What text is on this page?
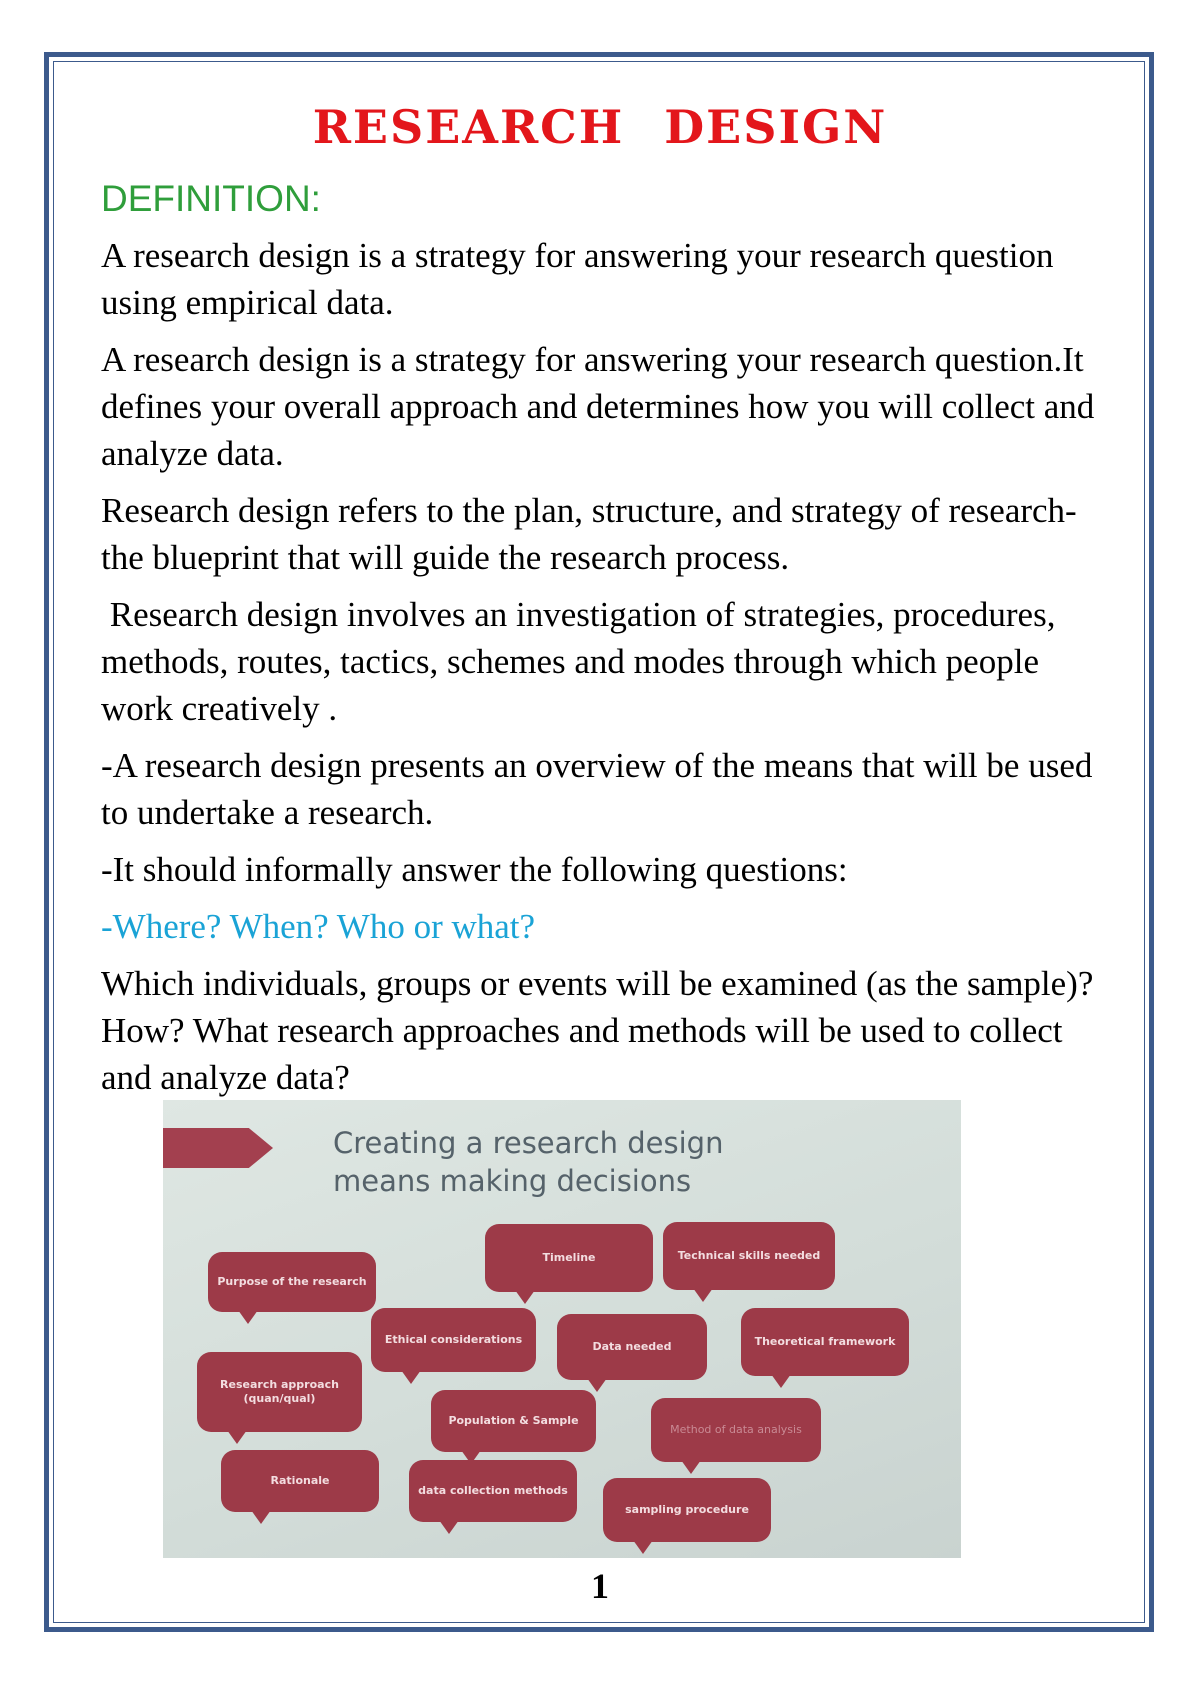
RESEARCH DESIGN
DEFINITION:

A research design is a strategy for answering your research question using empirical data.

A research design is a strategy for answering your research question.It defines your overall approach and determines how you will collect and analyze data.

Research design refers to the plan, structure, and strategy of research-the blueprint that will guide the research process.

Research design involves an investigation of strategies, procedures, methods, routes, tactics, schemes and modes through which people work creatively .

-A research design presents an overview of the means that will be used to undertake a research.

-It should informally answer the following questions:

-Where? When? Who or what?

Which individuals, groups or events will be examined (as the sample)? How? What research approaches and methods will be used to collect and analyze data?

Creating a research design
means making decisions

Purpose of the research
Timeline	Technical skills needed
Ethical considerations
Data needed	Theoretical framework
Research approach (quan/qual)
Population & Sample
Method of data analysis
Rationale
data collection methods
sampling procedure
1
